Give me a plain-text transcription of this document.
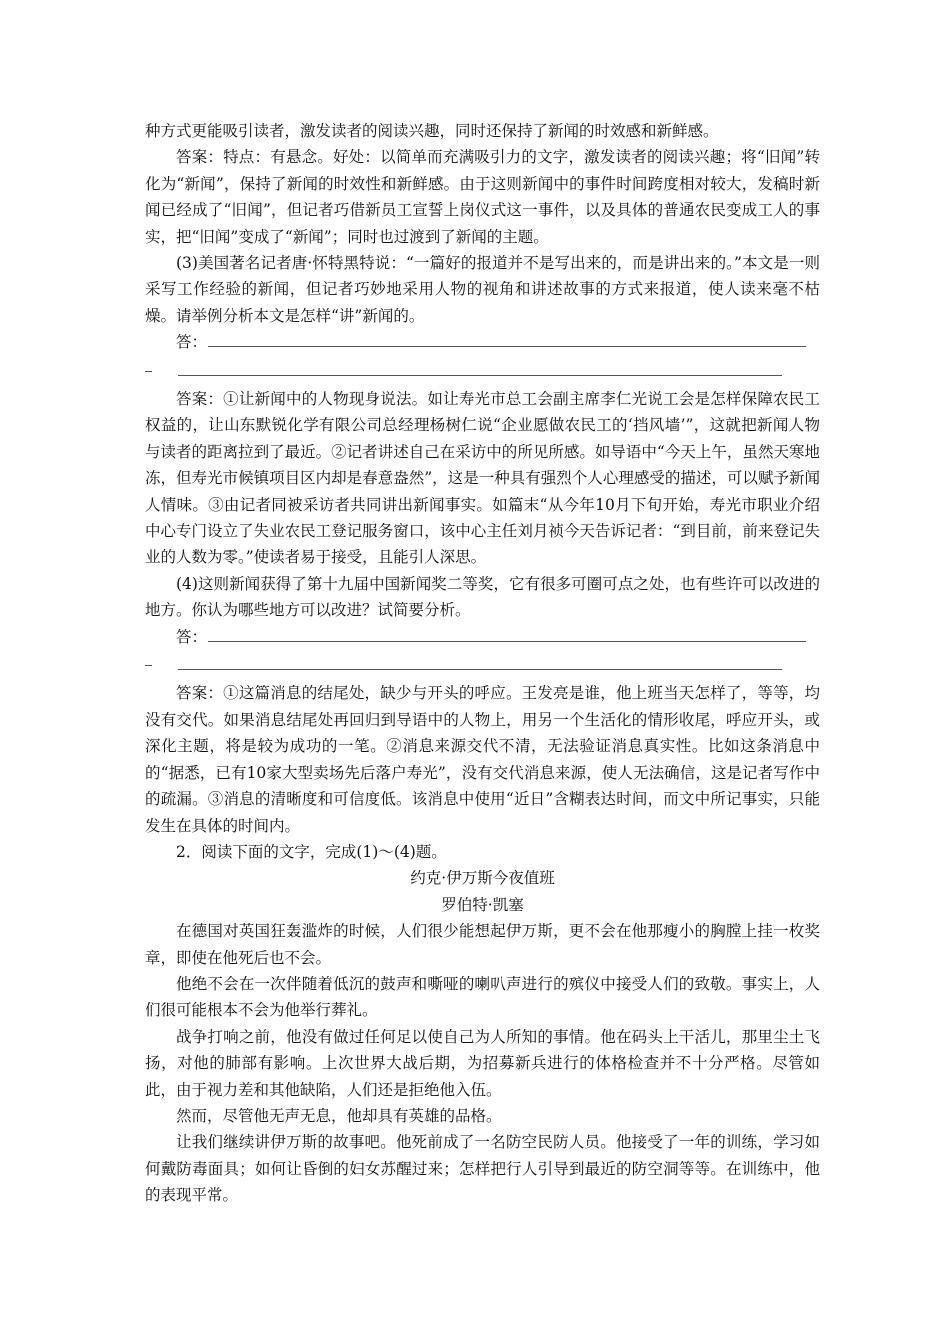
种方式更能吸引读者，激发读者的阅读兴趣，同时还保持了新闻的时效感和新鲜感。

答案：特点：有悬念。好处：以简单而充满吸引力的文字，激发读者的阅读兴趣；将“旧闻”转化为“新闻”，保持了新闻的时效性和新鲜感。由于这则新闻中的事件时间跨度相对较大，发稿时新闻已经成了“旧闻”，但记者巧借新员工宣誓上岗仪式这一事件，以及具体的普通农民变成工人的事实，把“旧闻”变成了“新闻”；同时也过渡到了新闻的主题。

(3)美国著名记者唐·怀特黑特说：“一篇好的报道并不是写出来的，而是讲出来的。”本文是一则采写工作经验的新闻，但记者巧妙地采用人物的视角和讲述故事的方式来报道，使人读来毫不枯燥。请举例分析本文是怎样“讲”新闻的。

答：

答案：①让新闻中的人物现身说法。如让寿光市总工会副主席李仁光说工会是怎样保障农民工权益的，让山东默锐化学有限公司总经理杨树仁说“企业愿做农民工的‘挡风墙’”，这就把新闻人物与读者的距离拉到了最近。②记者讲述自己在采访中的所见所感。如导语中“今天上午，虽然天寒地冻，但寿光市候镇项目区内却是春意盎然”，这是一种具有强烈个人心理感受的描述，可以赋予新闻人情味。③由记者同被采访者共同讲出新闻事实。如篇末“从今年10月下旬开始，寿光市职业介绍中心专门设立了失业农民工登记服务窗口，该中心主任刘月祯今天告诉记者：“到目前，前来登记失业的人数为零。”使读者易于接受，且能引人深思。

(4)这则新闻获得了第十九届中国新闻奖二等奖，它有很多可圈可点之处，也有些许可以改进的地方。你认为哪些地方可以改进？试简要分析。

答：

答案：①这篇消息的结尾处，缺少与开头的呼应。王发亮是谁，他上班当天怎样了，等等，均没有交代。如果消息结尾处再回归到导语中的人物上，用另一个生活化的情形收尾，呼应开头，或深化主题，将是较为成功的一笔。②消息来源交代不清，无法验证消息真实性。比如这条消息中的“据悉，已有10家大型卖场先后落户寿光”，没有交代消息来源，使人无法确信，这是记者写作中的疏漏。③消息的清晰度和可信度低。该消息中使用“近日”含糊表达时间，而文中所记事实，只能发生在具体的时间内。

2．阅读下面的文字，完成(1)～(4)题。

约克·伊万斯今夜值班

罗伯特·凯塞

在德国对英国狂轰滥炸的时候，人们很少能想起伊万斯，更不会在他那瘦小的胸膛上挂一枚奖章，即使在他死后也不会。

他绝不会在一次伴随着低沉的鼓声和嘶哑的喇叭声进行的殡仪中接受人们的致敬。事实上，人们很可能根本不会为他举行葬礼。

战争打响之前，他没有做过任何足以使自己为人所知的事情。他在码头上干活儿，那里尘土飞扬，对他的肺部有影响。上次世界大战后期，为招募新兵进行的体格检查并不十分严格。尽管如此，由于视力差和其他缺陷，人们还是拒绝他入伍。

然而，尽管他无声无息，他却具有英雄的品格。

让我们继续讲伊万斯的故事吧。他死前成了一名防空民防人员。他接受了一年的训练，学习如何戴防毒面具；如何让昏倒的妇女苏醒过来；怎样把行人引导到最近的防空洞等等。在训练中，他的表现平常。
